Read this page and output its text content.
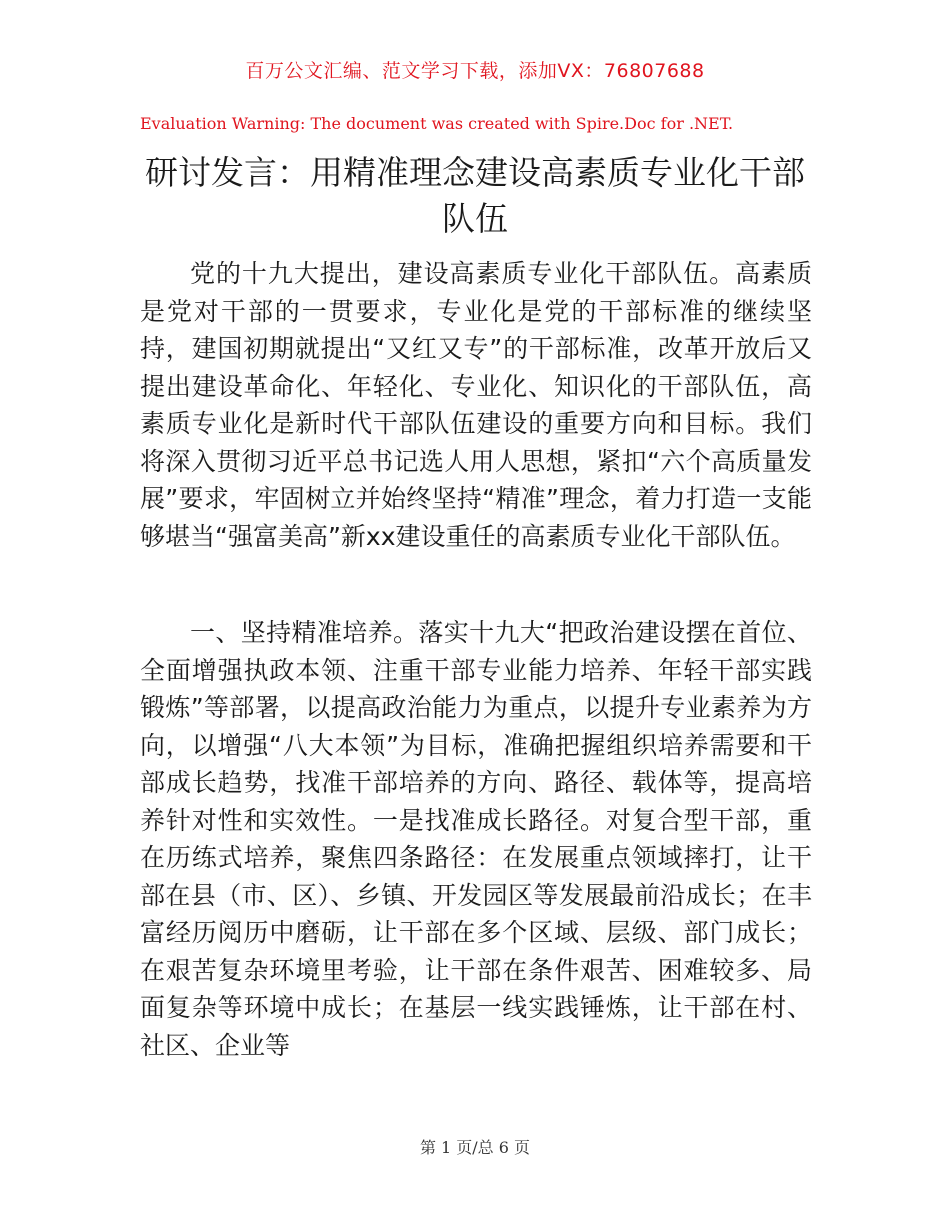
百万公文汇编、范文学习下载，添加VX：76807688
Evaluation Warning: The document was created with Spire.Doc for .NET.
研讨发言：用精准理念建设高素质专业化干部队伍

党的十九大提出，建设高素质专业化干部队伍。高素质是党对干部的一贯要求，专业化是党的干部标准的继续坚持，建国初期就提出“又红又专”的干部标准，改革开放后又提出建设革命化、年轻化、专业化、知识化的干部队伍，高素质专业化是新时代干部队伍建设的重要方向和目标。我们将深入贯彻习近平总书记选人用人思想，紧扣“六个高质量发展”要求，牢固树立并始终坚持“精准”理念，着力打造一支能够堪当“强富美高”新xx建设重任的高素质专业化干部队伍。

一、坚持精准培养。落实十九大“把政治建设摆在首位、全面增强执政本领、注重干部专业能力培养、年轻干部实践锻炼”等部署，以提高政治能力为重点，以提升专业素养为方向，以增强“八大本领”为目标，准确把握组织培养需要和干部成长趋势，找准干部培养的方向、路径、载体等，提高培养针对性和实效性。一是找准成长路径。对复合型干部，重在历练式培养，聚焦四条路径：在发展重点领域摔打，让干部在县（市、区）、乡镇、开发园区等发展最前沿成长；在丰富经历阅历中磨砺，让干部在多个区域、层级、部门成长；在艰苦复杂环境里考验，让干部在条件艰苦、困难较多、局面复杂等环境中成长；在基层一线实践锤炼，让干部在村、社区、企业等

第 1 页/总 6 页
